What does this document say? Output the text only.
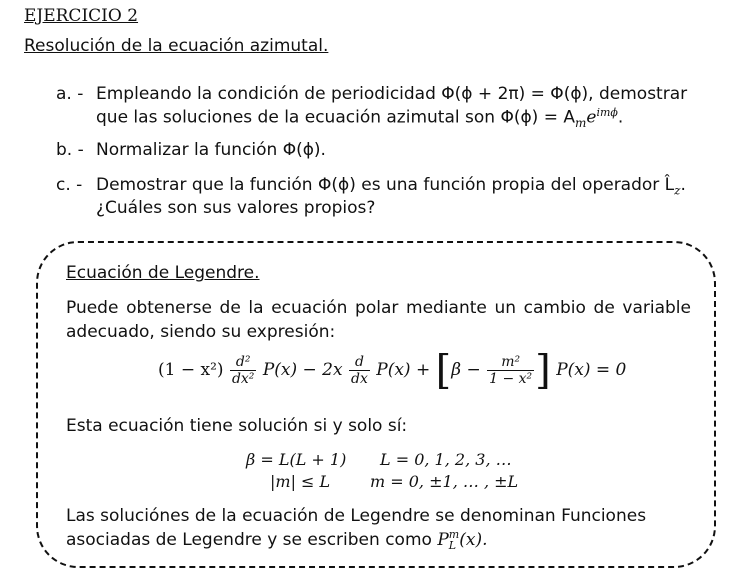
EJERCICIO 2
Resolución de la ecuación azimutal.
a. - Empleando la condición de periodicidad Φ(ϕ + 2π) = Φ(ϕ), demostrar
que las soluciones de la ecuación azimutal son $\Phi(\phi) = A_me^{im\phi}$.
b. - Normalizar la función Φ(ϕ).
c. - Demostrar que la función Φ(ϕ) es una función propia del operador $L̂_z$.
¿Cuáles son sus valores propios?
Ecuación de Legendre.
Puede obtenerse de la ecuación polar mediante un cambio de variable adecuado, siendo su expresión:
$(1 - x^2) \frac{\text{d²}}{\text{dx²}} P(x) - 2x \frac{d}{dx} P(x) + [\beta - \frac{\text{m²}}{\text{1 − x²}}$ ] P(x) = 0
Esta ecuación tiene solución si y solo sí:
β = L(L + 1) L = 0, 1, 2, 3, …
|m| ≤ L m = 0, ±1, … , ±L
Las soluciónes de la ecuación de Legendre se denominan Funciones asociadas de Legendre y se escriben como P m
L (x).
